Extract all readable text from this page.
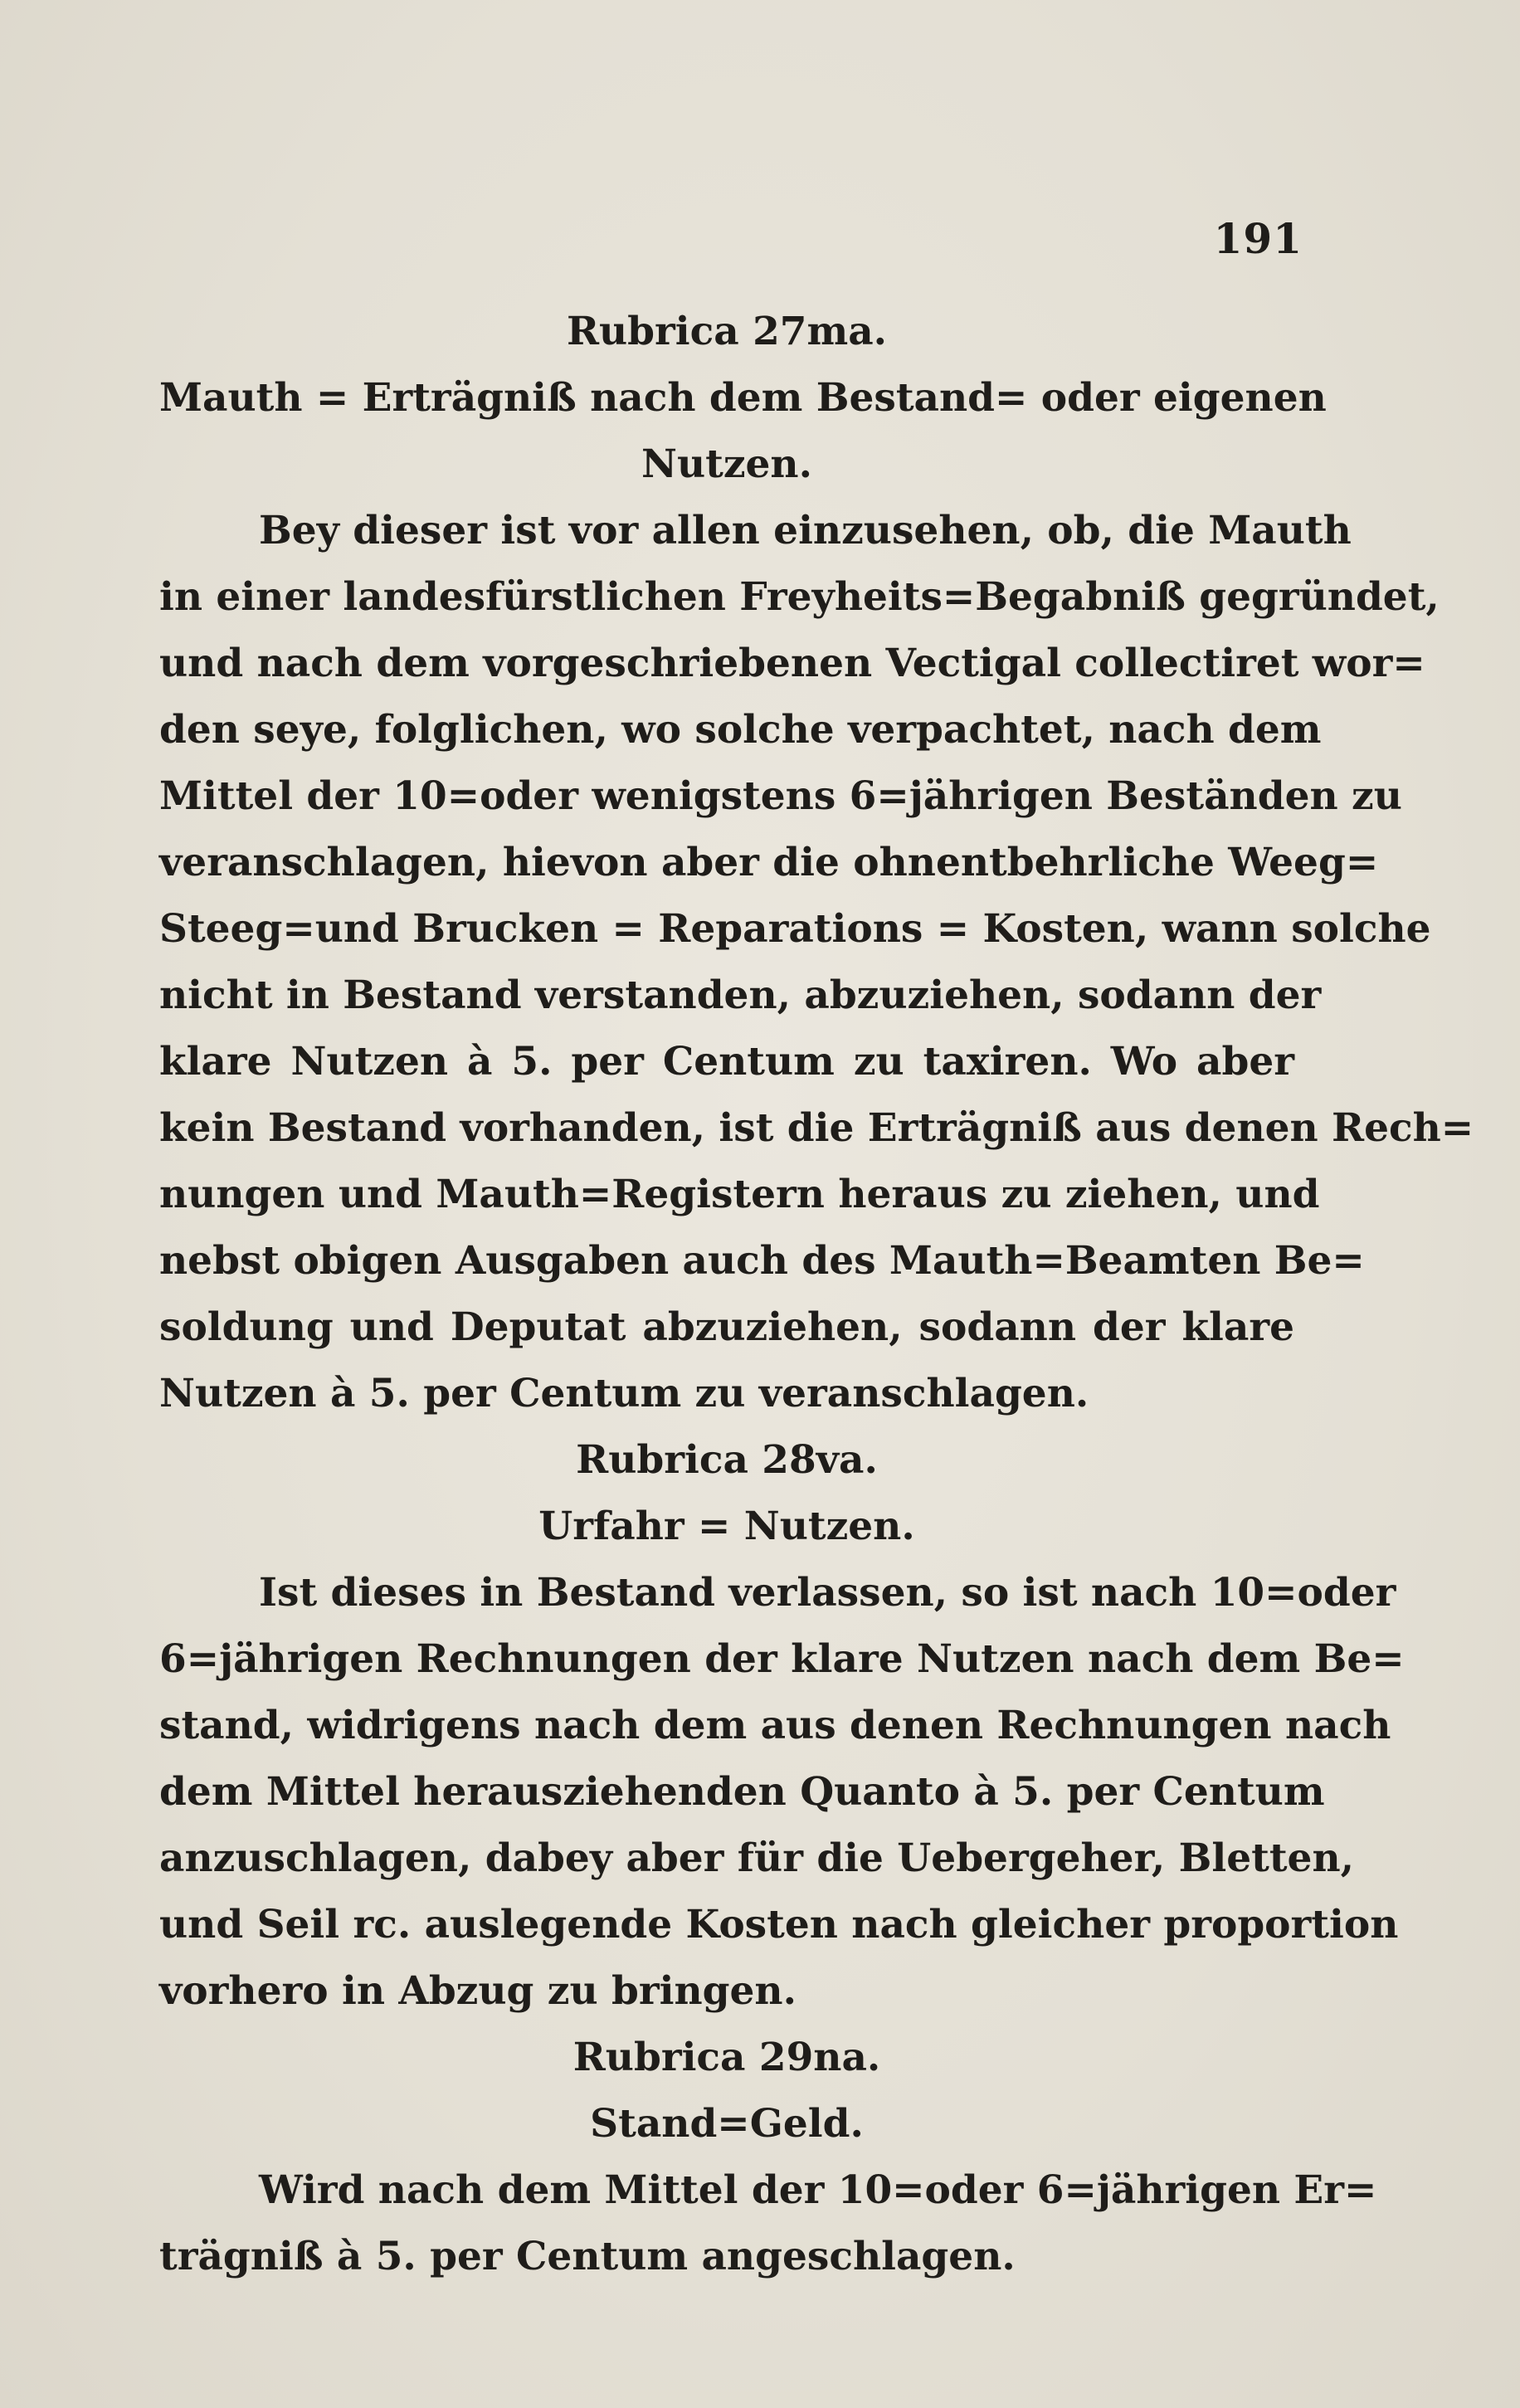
191
Rubrica 27ma.
Mauth = Erträgniß nach dem Bestand= oder eigenen
Nutzen.
Bey dieser ist vor allen einzusehen, ob, die Mauth
in einer landesfürstlichen Freyheits=Begabniß gegründet,
und nach dem vorgeschriebenen Vectigal collectiret wor=
den seye, folglichen, wo solche verpachtet, nach dem
Mittel der 10=oder wenigstens 6=jährigen Beständen zu
veranschlagen, hievon aber die ohnentbehrliche Weeg=
Steeg=und Brucken = Reparations = Kosten, wann solche
nicht in Bestand verstanden, abzuziehen, sodann der
klare Nutzen à 5. per Centum zu taxiren. Wo aber
kein Bestand vorhanden, ist die Erträgniß aus denen Rech=
nungen und Mauth=Registern heraus zu ziehen, und
nebst obigen Ausgaben auch des Mauth=Beamten Be=
soldung und Deputat abzuziehen, sodann der klare
Nutzen à 5. per Centum zu veranschlagen.
Rubrica 28va.
Urfahr = Nutzen.
Ist dieses in Bestand verlassen, so ist nach 10=oder
6=jährigen Rechnungen der klare Nutzen nach dem Be=
stand, widrigens nach dem aus denen Rechnungen nach
dem Mittel herausziehenden Quanto à 5. per Centum
anzuschlagen, dabey aber für die Uebergeher, Bletten,
und Seil rc. auslegende Kosten nach gleicher proportion
vorhero in Abzug zu bringen.
Rubrica 29na.
Stand=Geld.
Wird nach dem Mittel der 10=oder 6=jährigen Er=
trägniß à 5. per Centum angeschlagen.
